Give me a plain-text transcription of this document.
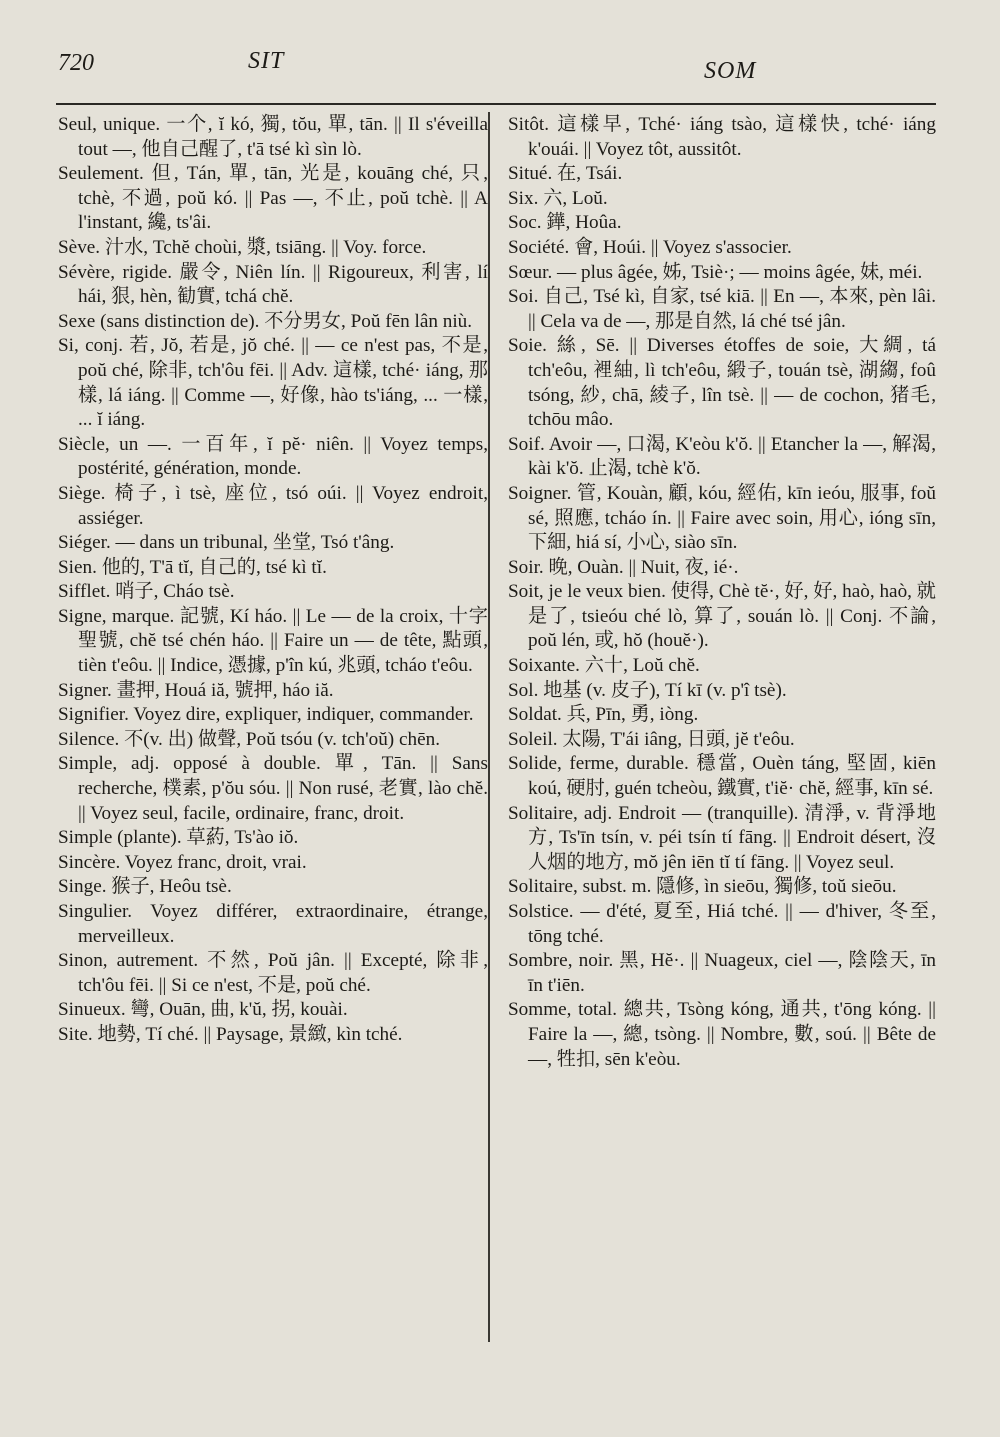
720	SIT	SOM

Seul, unique. 一个, ĭ kó, 獨, tŏu, 單, tān. || Il s'éveilla tout —, 他自己醒了, t'ā tsé kì sìn lò.

Seulement. 但, Tán, 單, tān, 光是, kouāng ché, 只, tchè, 不過, poŭ kó. || Pas —, 不止, poŭ tchè. || A l'instant, 纔, ts'âi.

Sève. 汁水, Tchĕ choùi, 漿, tsiāng. || Voy. force.

Sévère, rigide. 嚴令, Niên lín. || Rigoureux, 利害, lí hái, 狠, hèn, 勧實, tchá chĕ.

Sexe (sans distinction de). 不分男女, Poŭ fēn lân niù.

Si, conj. 若, Jŏ, 若是, jŏ ché. || — ce n'est pas, 不是, poŭ ché, 除非, tch'ôu fēi. || Adv. 這樣, tché· iáng, 那樣, lá iáng. || Comme —, 好像, hào ts'iáng, ... 一樣, ... ĭ iáng.

Siècle, un —. 一百年, ĭ pĕ· niên. || Voyez temps, postérité, génération, monde.

Siège. 椅子, ì tsè, 座位, tsó oúi. || Voyez endroit, assiéger.

Siéger. — dans un tribunal, 坐堂, Tsó t'âng.

Sien. 他的, T'ā tĭ, 自己的, tsé kì tĭ.

Sifflet. 哨子, Cháo tsè.

Signe, marque. 記號, Kí háo. || Le — de la croix, 十字聖號, chĕ tsé chén háo. || Faire un — de tête, 點頭, tièn t'eôu. || Indice, 憑據, p'în kú, 兆頭, tcháo t'eôu.

Signer. 畫押, Houá iă, 號押, háo iă.

Signifier. Voyez dire, expliquer, indiquer, commander.

Silence. 不(v. 出) 做聲, Poŭ tsóu (v. tch'oŭ) chēn.

Simple, adj. opposé à double. 單, Tān. || Sans recherche, 樸素, p'ŏu sóu. || Non rusé, 老實, lào chĕ. || Voyez seul, facile, ordinaire, franc, droit.

Simple (plante). 草葯, Ts'ào iŏ.

Sincère. Voyez franc, droit, vrai.

Singe. 猴子, Heôu tsè.

Singulier. Voyez différer, extraordinaire, étrange, merveilleux.

Sinon, autrement. 不然, Poŭ jân. || Excepté, 除非, tch'ôu fēi. || Si ce n'est, 不是, poŭ ché.

Sinueux. 彎, Ouān, 曲, k'ŭ, 拐, kouài.

Site. 地勢, Tí ché. || Paysage, 景緻, kìn tché.

Sitôt. 這樣早, Tché· iáng tsào, 這樣快, tché· iáng k'ouái. || Voyez tôt, aussitôt.

Situé. 在, Tsái.

Six. 六, Loŭ.

Soc. 鏵, Hoûa.

Société. 會, Hoúi. || Voyez s'associer.

Sœur. — plus âgée, 姊, Tsiè·; — moins âgée, 妹, méi.

Soi. 自己, Tsé kì, 自家, tsé kiā. || En —, 本來, pèn lâi. || Cela va de —, 那是自然, lá ché tsé jân.

Soie. 絲, Sē. || Diverses étoffes de soie, 大綢, tá tch'eôu, 裡紬, lì tch'eôu, 緞子, touán tsè, 湖縐, foû tsóng, 紗, chā, 綾子, lîn tsè. || — de cochon, 猪毛, tchōu mâo.

Soif. Avoir —, 口渴, K'eòu k'ŏ. || Etancher la —, 解渴, kài k'ŏ. 止渴, tchè k'ŏ.

Soigner. 管, Kouàn, 顧, kóu, 經佑, kīn ieóu, 服事, foŭ sé, 照應, tcháo ín. || Faire avec soin, 用心, ióng sīn, 下細, hiá sí, 小心, siào sīn.

Soir. 晚, Ouàn. || Nuit, 夜, ié·.

Soit, je le veux bien. 使得, Chè tĕ·, 好, 好, haò, haò, 就是了, tsieóu ché lò, 算了, souán lò. || Conj. 不論, poŭ lén, 或, hŏ (houĕ·).

Soixante. 六十, Loŭ chĕ.

Sol. 地基 (v. 皮子), Tí kī (v. p'î tsè).

Soldat. 兵, Pīn, 勇, iòng.

Soleil. 太陽, T'ái iâng, 日頭, jĕ t'eôu.

Solide, ferme, durable. 穩當, Ouèn táng, 堅固, kiēn koú, 硬肘, guén tcheòu, 鐵實, t'iĕ· chĕ, 經事, kīn sé.

Solitaire, adj. Endroit — (tranquille). 清淨, v. 背淨地方, Ts'īn tsín, v. péi tsín tí fāng. || Endroit désert, 沒人烟的地方, mŏ jên iēn tĭ tí fāng. || Voyez seul.

Solitaire, subst. m. 隱修, ìn sieōu, 獨修, toŭ sieōu.

Solstice. — d'été, 夏至, Hiá tché. || — d'hiver, 冬至, tōng tché.

Sombre, noir. 黑, Hĕ·. || Nuageux, ciel —, 陰陰天, īn īn t'iēn.

Somme, total. 總共, Tsòng kóng, 通共, t'ōng kóng. || Faire la —, 總, tsòng. || Nombre, 數, soú. || Bête de —, 牲扣, sēn k'eòu.
